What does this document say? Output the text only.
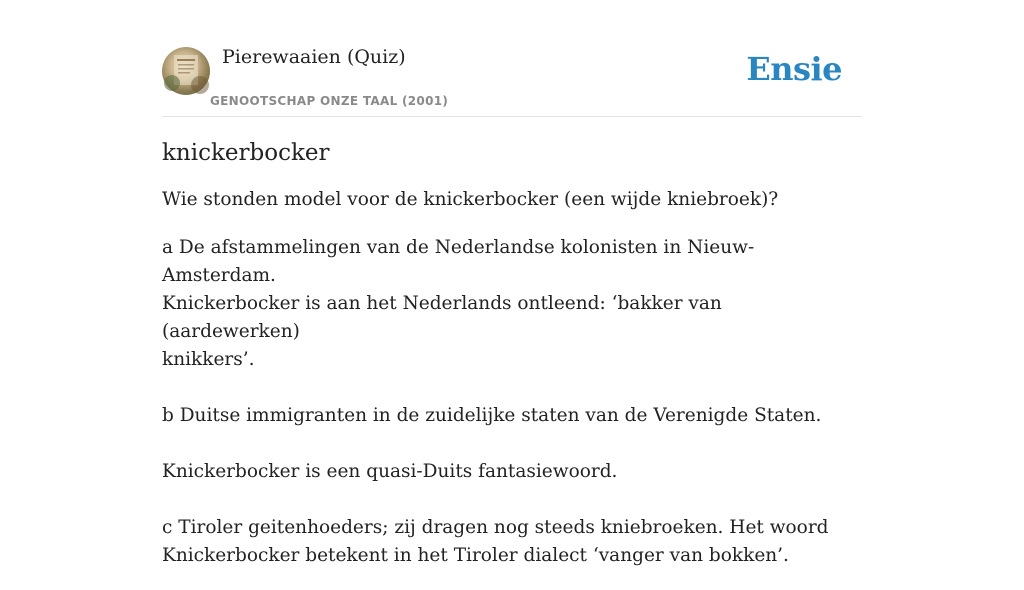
Pierewaaien (Quiz)
GENOOTSCHAP ONZE TAAL (2001)
Ensie
knickerbocker

Wie stonden model voor de knickerbocker (een wijde kniebroek)?

a De afstammelingen van de Nederlandse kolonisten in Nieuw-Amsterdam.
Knickerbocker is aan het Nederlands ontleend: ‘bakker van (aardewerken)
knikkers’.

b Duitse immigranten in de zuidelijke staten van de Verenigde Staten.

Knickerbocker is een quasi-Duits fantasiewoord.

c Tiroler geitenhoeders; zij dragen nog steeds kniebroeken. Het woord
Knickerbocker betekent in het Tiroler dialect ‘vanger van bokken’.
